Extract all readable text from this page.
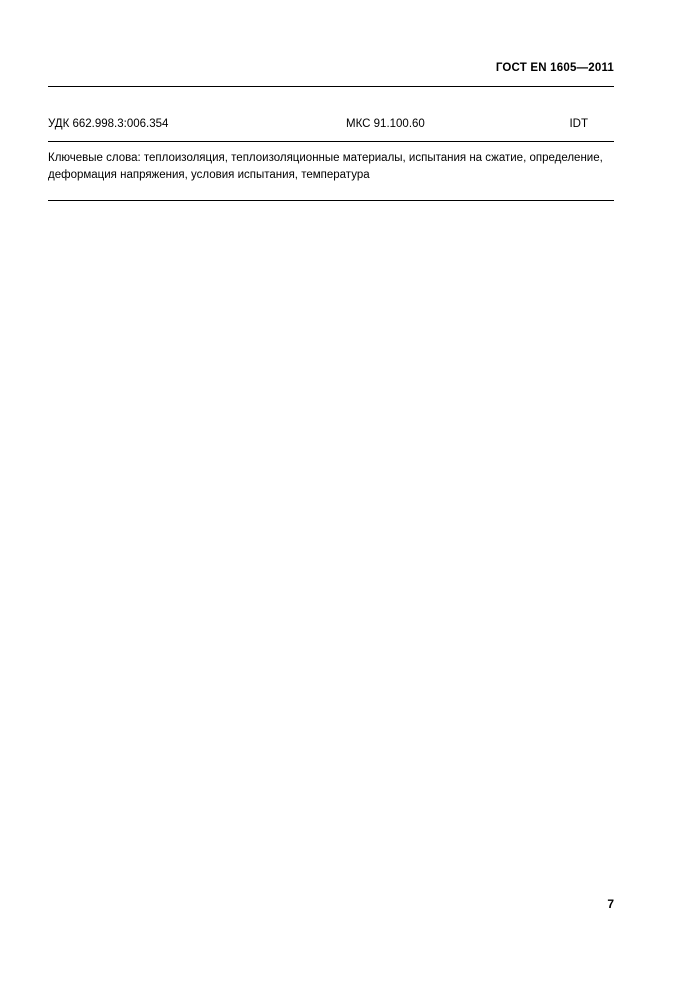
ГОСТ EN 1605—2011
УДК 662.998.3:006.354	МКС 91.100.60	IDT
Ключевые слова: теплоизоляция, теплоизоляционные материалы, испытания на сжатие, определение,
деформация напряжения, условия испытания, температура
7
